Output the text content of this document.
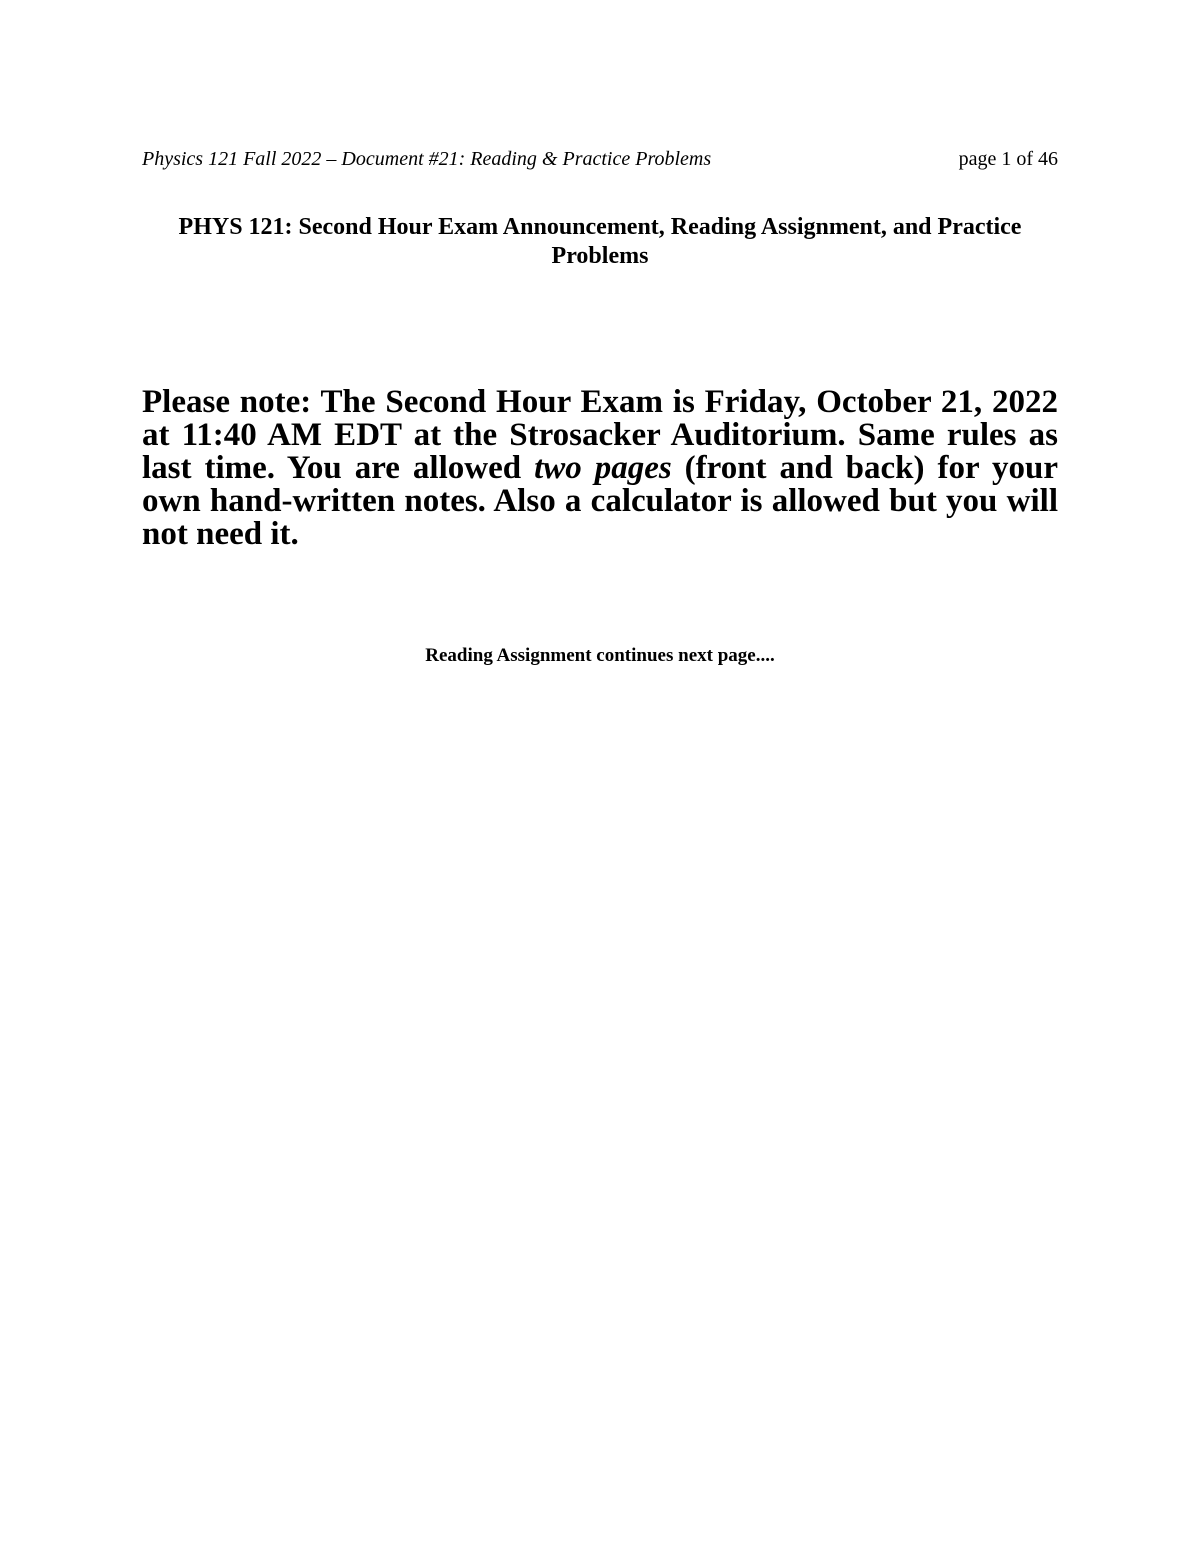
Physics 121 Fall 2022 – Document #21: Reading & Practice Problems	page 1 of 46
PHYS 121: Second Hour Exam Announcement, Reading Assignment, and Practice Problems
Please note: The Second Hour Exam is Friday, October 21, 2022 at 11:40 AM EDT at the Strosacker Auditorium. Same rules as last time. You are allowed two pages (front and back) for your own hand-written notes. Also a calculator is allowed but you will not need it.
Reading Assignment continues next page....
